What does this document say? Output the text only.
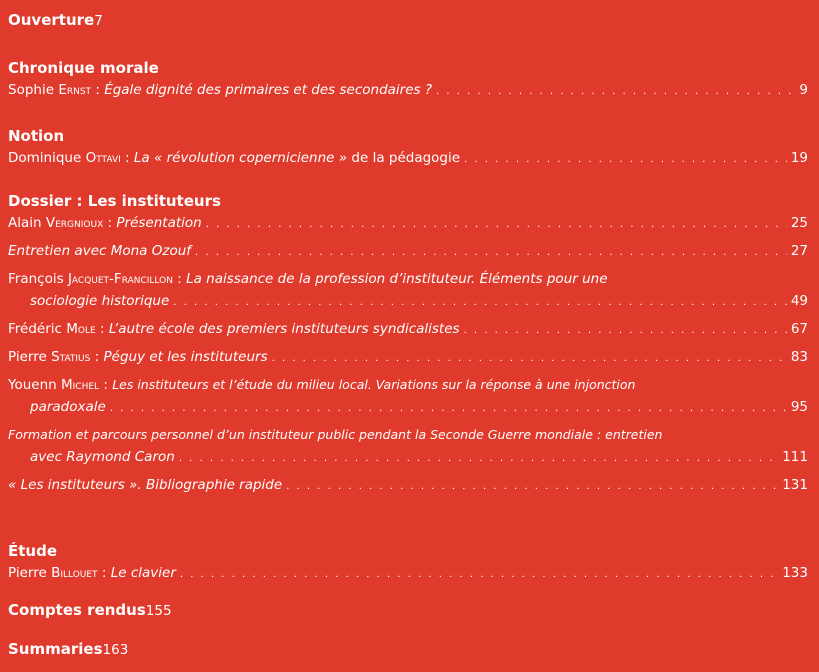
Ouverture 7
Chronique morale
Sophie Ernst : Égale dignité des primaires et des secondaires ? . . .	9
Notion
Dominique Ottavi : La « révolution copernicienne » de la pédagogie . . .	19
Dossier : Les instituteurs
Alain Vergnioux : Présentation . . .	25
Entretien avec Mona Ozouf . . .	27
François Jacquet-Francillon : La naissance de la profession d’instituteur. Éléments pour une
sociologie historique . . .	49
Frédéric Mole : L’autre école des premiers instituteurs syndicalistes . . .	67
Pierre Statius : Péguy et les instituteurs . . .	83
Youenn Michel : Les instituteurs et l’étude du milieu local. Variations sur la réponse à une injonction
paradoxale . . .	95
Formation et parcours personnel d’un instituteur public pendant la Seconde Guerre mondiale : entretien
avec Raymond Caron . . .	111
« Les instituteurs ». Bibliographie rapide . . .	131
Étude
Pierre Billouet : Le clavier . . .	133
Comptes rendus 155
Summaries 163
